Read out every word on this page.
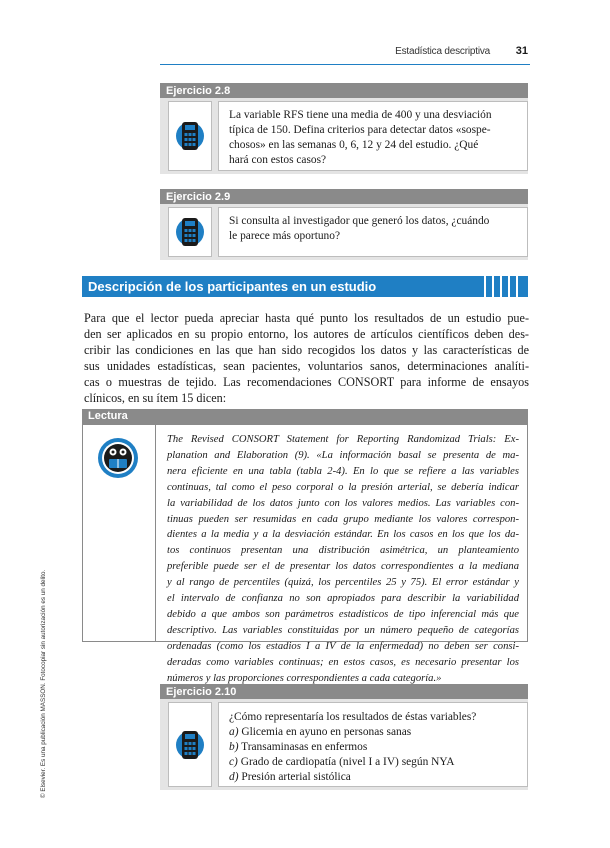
Estadística descriptiva 31
Ejercicio 2.8
La variable RFS tiene una media de 400 y una desviación
típica de 150. Defina criterios para detectar datos «sospe-
chosos» en las semanas 0, 6, 12 y 24 del estudio. ¿Qué
hará con estos casos?
Ejercicio 2.9
Si consulta al investigador que generó los datos, ¿cuándo
le parece más oportuno?
Descripción de los participantes en un estudio
Para que el lector pueda apreciar hasta qué punto los resultados de un estudio pue-
den ser aplicados en su propio entorno, los autores de artículos científicos deben des-
cribir las condiciones en las que han sido recogidos los datos y las características de
sus unidades estadísticas, sean pacientes, voluntarios sanos, determinaciones analíti-
cas o muestras de tejido. Las recomendaciones CONSORT para informe de ensayos
clínicos, en su ítem 15 dicen:
Lectura
The Revised CONSORT Statement for Reporting Randomizad Trials: Ex-
planation and Elaboration (9). «La información basal se presenta de ma-
nera eficiente en una tabla (tabla 2-4). En lo que se refiere a las variables
continuas, tal como el peso corporal o la presión arterial, se debería indicar
la variabilidad de los datos junto con los valores medios. Las variables con-
tinuas pueden ser resumidas en cada grupo mediante los valores correspon-
dientes a la media y a la desviación estándar. En los casos en los que los da-
tos continuos presentan una distribución asimétrica, un planteamiento
preferible puede ser el de presentar los datos correspondientes a la mediana
y al rango de percentiles (quizá, los percentiles 25 y 75). El error estándar y
el intervalo de confianza no son apropiados para describir la variabilidad
debido a que ambos son parámetros estadísticos de tipo inferencial más que
descriptivo. Las variables constituidas por un número pequeño de categorías
ordenadas (como los estadios I a IV de la enfermedad) no deben ser consi-
deradas como variables continuas; en estos casos, es necesario presentar los
números y las proporciones correspondientes a cada categoría.»
Ejercicio 2.10
¿Cómo representaría los resultados de éstas variables?
a) Glicemia en ayuno en personas sanas
b) Transaminasas en enfermos
c) Grado de cardiopatía (nivel I a IV) según NYA
d) Presión arterial sistólica
© Elsevier. Es una publicación MASSON. Fotocopiar sin autorización es un delito.
